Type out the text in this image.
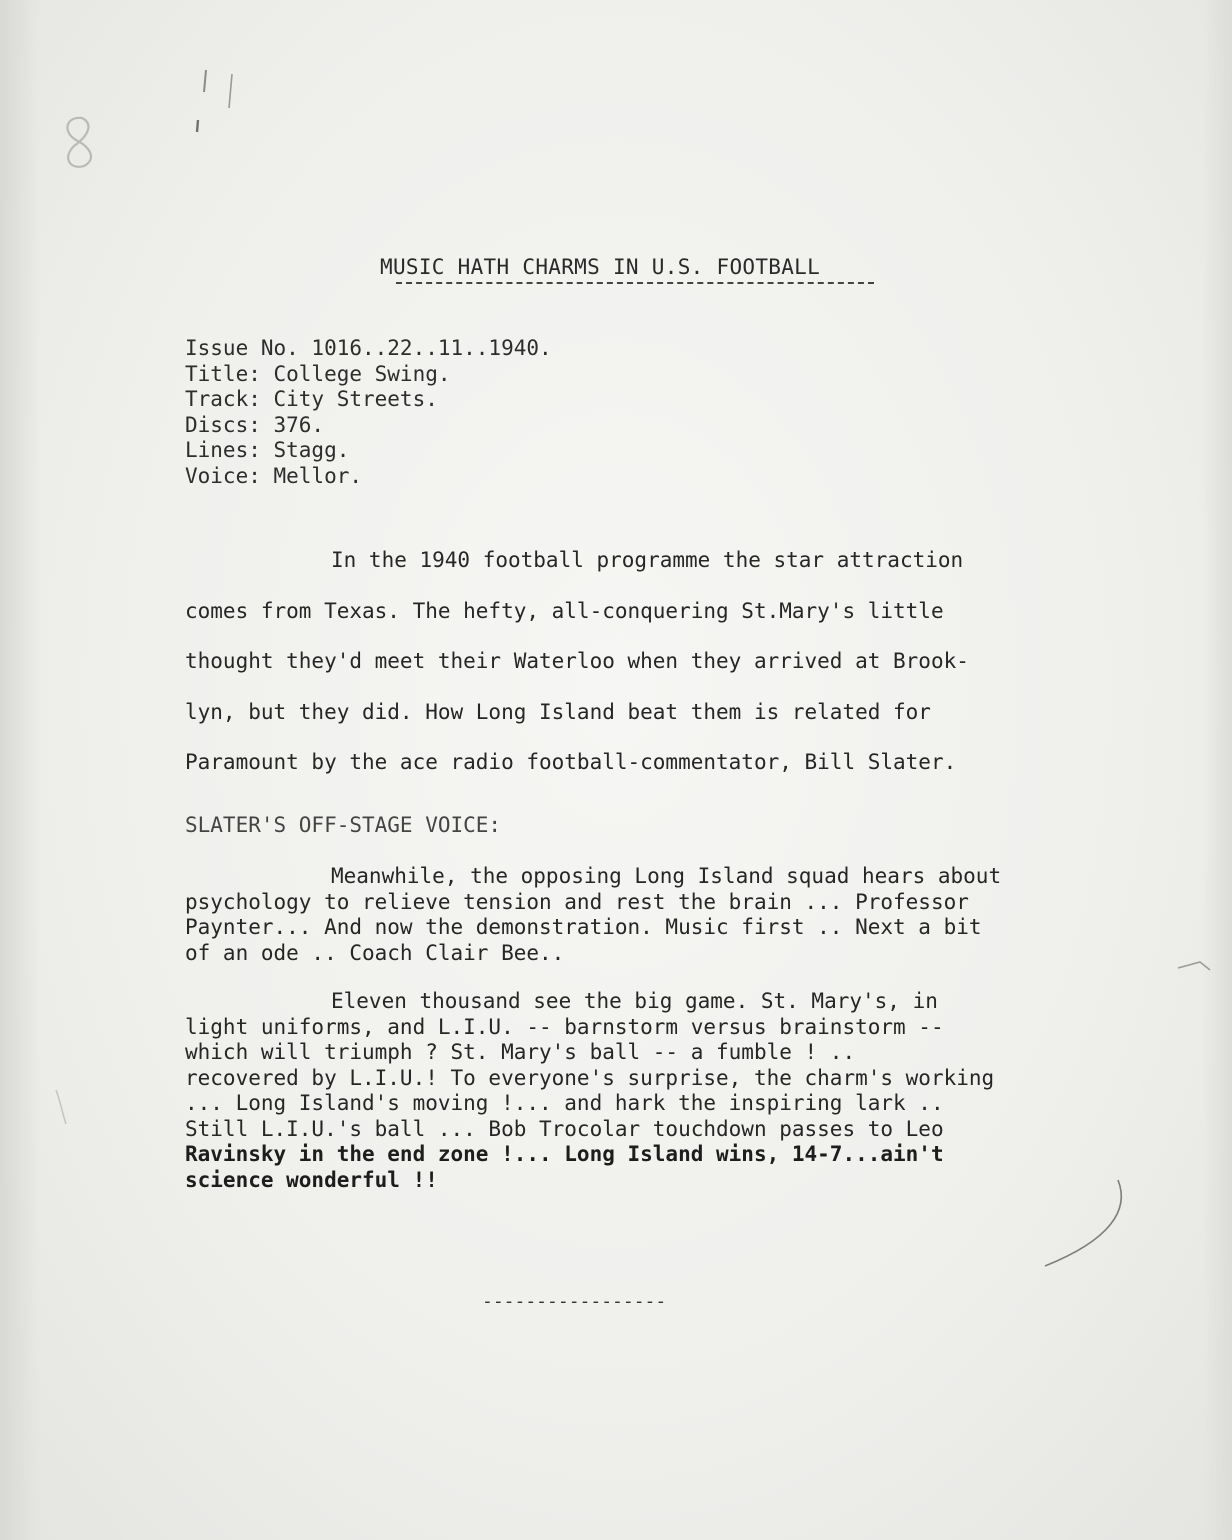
MUSIC HATH CHARMS IN U.S. FOOTBALL
Issue No. 1016..22..11..1940.
Title: College Swing.
Track: City Streets.
Discs: 376.
Lines: Stagg.
Voice: Mellor.
In the 1940 football programme the star attraction
comes from Texas. The hefty, all-conquering St.Mary's little
thought they'd meet their Waterloo when they arrived at Brook-
lyn, but they did. How Long Island beat them is related for
Paramount by the ace radio football-commentator, Bill Slater.
SLATER'S OFF-STAGE VOICE:
Meanwhile, the opposing Long Island squad hears about
psychology to relieve tension and rest the brain ... Professor
Paynter... And now the demonstration. Music first .. Next a bit
of an ode .. Coach Clair Bee..
Eleven thousand see the big game. St. Mary's, in
light uniforms, and L.I.U. -- barnstorm versus brainstorm --
which will triumph ? St. Mary's ball -- a fumble ! ..
recovered by L.I.U.! To everyone's surprise, the charm's working
... Long Island's moving !... and hark the inspiring lark ..
Still L.I.U.'s ball ... Bob Trocolar touchdown passes to Leo
Ravinsky in the end zone !... Long Island wins, 14-7...ain't
science wonderful !!
-----------------
